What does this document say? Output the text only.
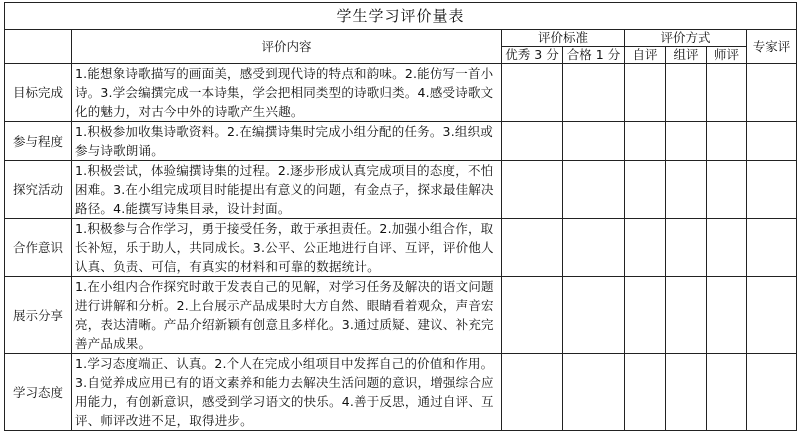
学生学习评价量表							
	评价内容	评价标准		评价方式			专家评
		优秀 3 分	合格 1 分	自评	组评	师评	
目标完成	1.能想象诗歌描写的画面美，感受到现代诗的特点和韵味。2.能仿写一首小诗。3.学会编撰完成一本诗集，学会把相同类型的诗歌归类。4.感受诗歌文化的魅力，对古今中外的诗歌产生兴趣。						
参与程度	1.积极参加收集诗歌资料。2.在编撰诗集时完成小组分配的任务。3.组织或参与诗歌朗诵。						
探究活动	1.积极尝试，体验编撰诗集的过程。2.逐步形成认真完成项目的态度，不怕困难。3.在小组完成项目时能提出有意义的问题，有金点子，探求最佳解决路径。4.能撰写诗集目录，设计封面。						
合作意识	1.积极参与合作学习，勇于接受任务，敢于承担责任。2.加强小组合作，取长补短，乐于助人，共同成长。3.公平、公正地进行自评、互评，评价他人认真、负责、可信，有真实的材料和可靠的数据统计。						
展示分享	1.在小组内合作探究时敢于发表自己的见解，对学习任务及解决的语文问题进行讲解和分析。2.上台展示产品成果时大方自然、眼睛看着观众，声音宏亮，表达清晰。产品介绍新颖有创意且多样化。3.通过质疑、建议、补充完善产品成果。						
学习态度	1.学习态度端正、认真。2.个人在完成小组项目中发挥自己的价值和作用。3.自觉养成应用已有的语文素养和能力去解决生活问题的意识，增强综合应用能力，有创新意识，感受到学习语文的快乐。4.善于反思，通过自评、互评、师评改进不足，取得进步。						
